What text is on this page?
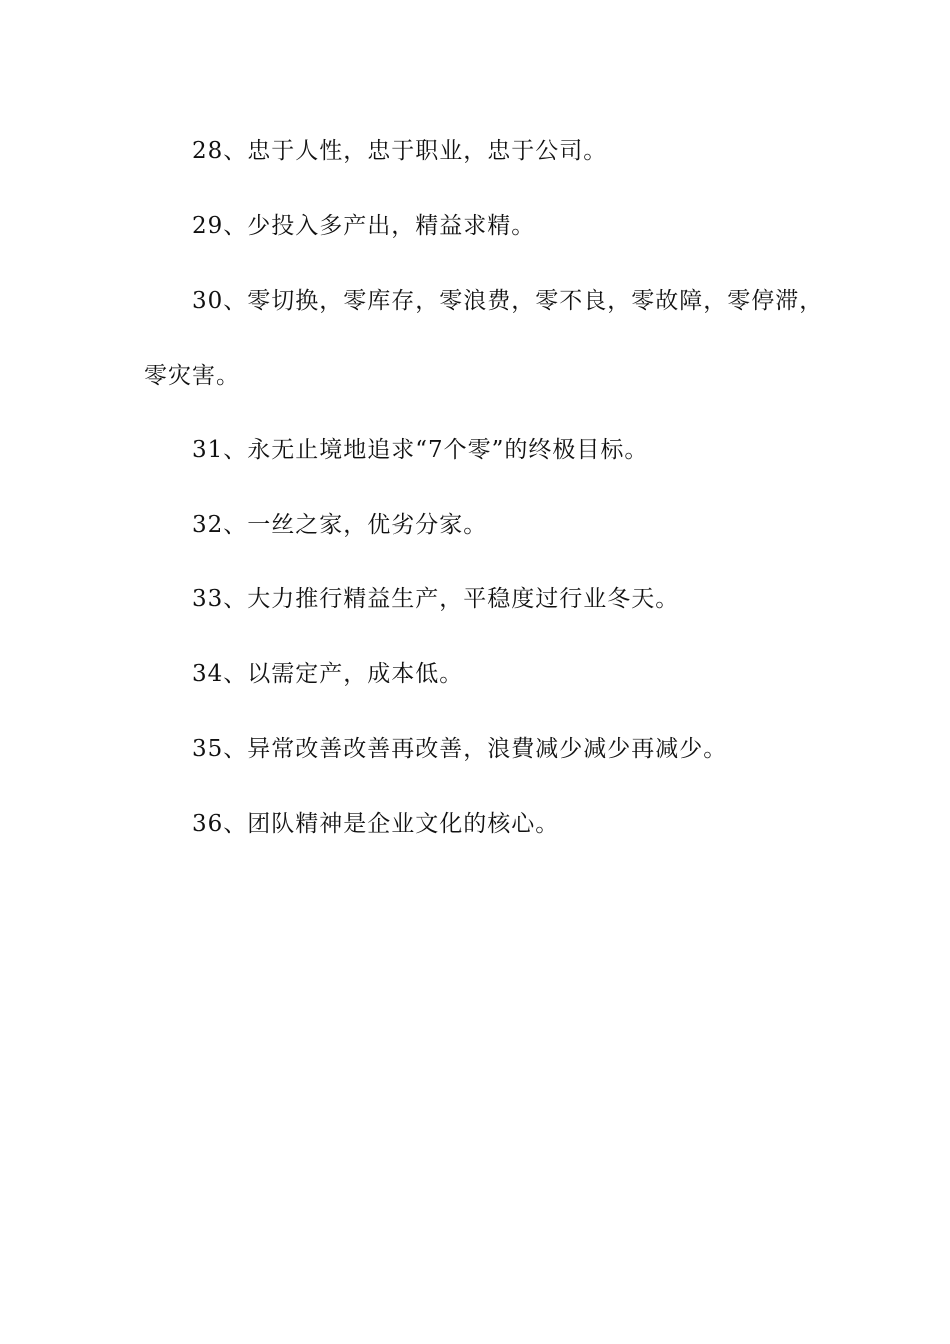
28、忠于人性，忠于职业，忠于公司。
29、少投入多产出，精益求精。
30、零切换，零库存，零浪费，零不良，零故障，零停滞，
零灾害。
31、永无止境地追求“7个零”的终极目标。
32、一丝之家，优劣分家。
33、大力推行精益生产，平稳度过行业冬天。
34、以需定产，成本低。
35、异常改善改善再改善，浪費减少减少再减少。
36、团队精神是企业文化的核心。
